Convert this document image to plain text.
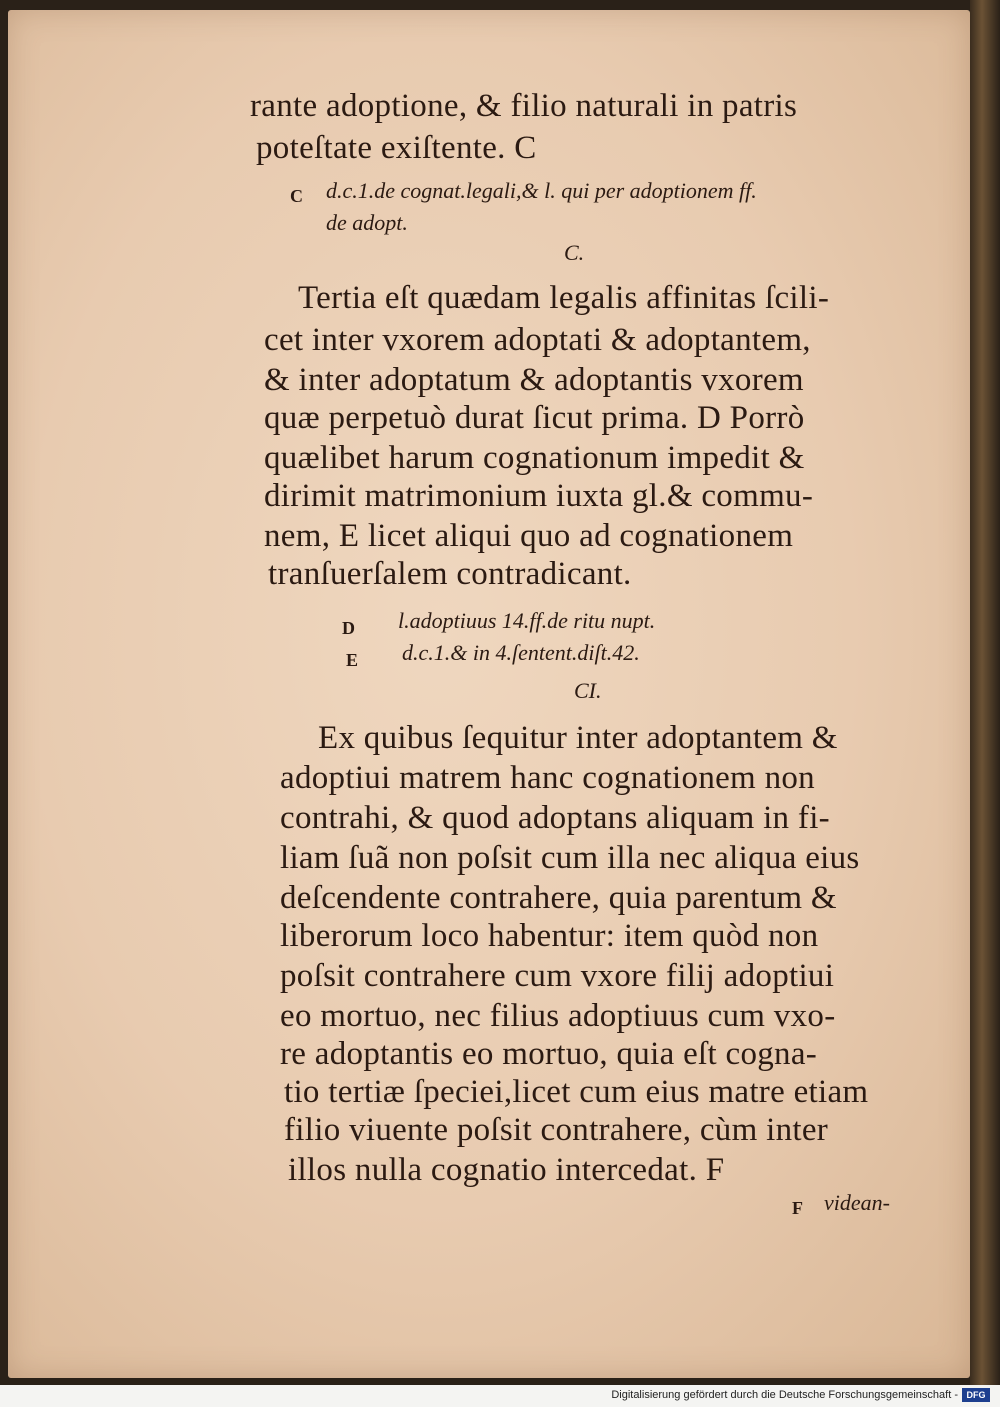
rante adoptione, & filio naturali in patris
poteſtate exiſtente. C
C d.c.1.de cognat.legali,& l. qui per adoptionem ff.
de adopt.
C.
Tertia eſt quædam legalis affinitas ſcili-
cet inter vxorem adoptati & adoptantem,
& inter adoptatum & adoptantis vxorem
quæ perpetuò durat ſicut prima. D Porrò
quælibet harum cognationum impedit &
dirimit matrimonium iuxta gl.& commu-
nem, E licet aliqui quo ad cognationem
tranſuerſalem contradicant.
D l.adoptiuus 14.ff.de ritu nupt.
E d.c.1.& in 4.ſentent.diſt.42.
CI.
Ex quibus ſequitur inter adoptantem &
adoptiui matrem hanc cognationem non
contrahi, & quod adoptans aliquam in fi-
liam ſuã non poſsit cum illa nec aliqua eius
deſcendente contrahere, quia parentum &
liberorum loco habentur: item quòd non
poſsit contrahere cum vxore filij adoptiui
eo mortuo, nec filius adoptiuus cum vxo-
re adoptantis eo mortuo, quia eſt cogna-
tio tertiæ ſpeciei,licet cum eius matre etiam
filio viuente poſsit contrahere, cùm inter
illos nulla cognatio intercedat. F
F videan-
Digitalisierung gefördert durch die Deutsche Forschungsgemeinschaft - DFG
